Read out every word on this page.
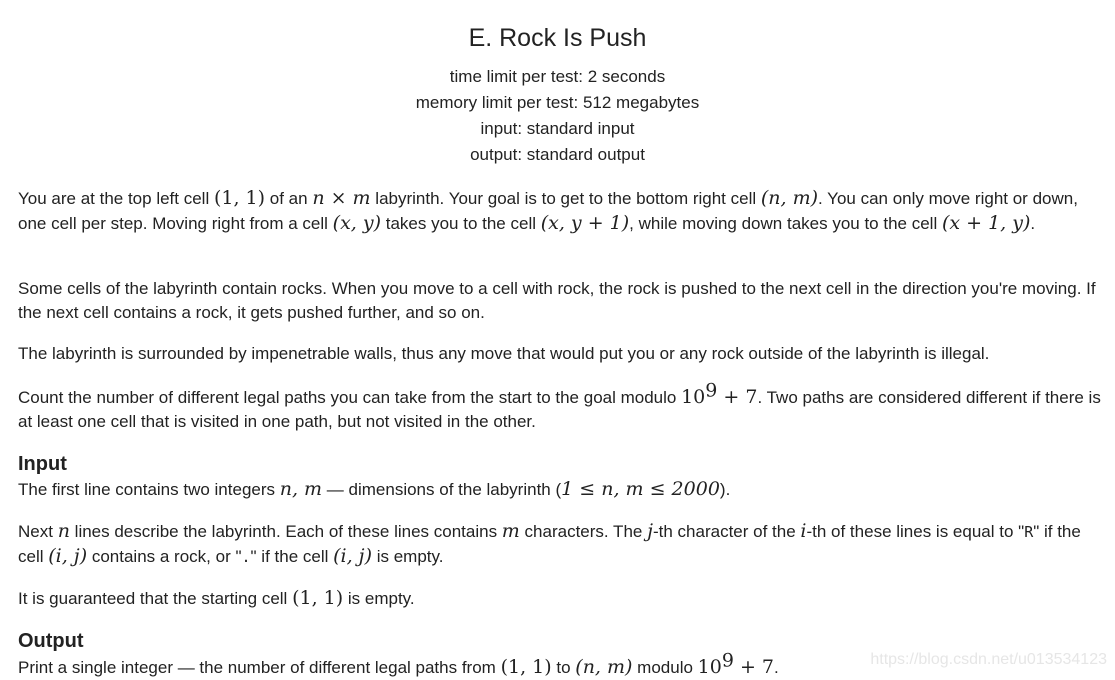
E. Rock Is Push
time limit per test: 2 seconds
memory limit per test: 512 megabytes
input: standard input
output: standard output

You are at the top left cell (1, 1) of an n × m labyrinth. Your goal is to get to the bottom right cell (n, m). You can only move right or down, one cell per step. Moving right from a cell (x, y) takes you to the cell (x, y + 1), while moving down takes you to the cell (x + 1, y).

Some cells of the labyrinth contain rocks. When you move to a cell with rock, the rock is pushed to the next cell in the direction you're moving. If the next cell contains a rock, it gets pushed further, and so on.

The labyrinth is surrounded by impenetrable walls, thus any move that would put you or any rock outside of the labyrinth is illegal.

Count the number of different legal paths you can take from the start to the goal modulo $10^9 + 7$. Two paths are considered different if there is at least one cell that is visited in one path, but not visited in the other.

Input

The first line contains two integers n, m — dimensions of the labyrinth (1 ≤ n, m ≤ 2000).

Next n lines describe the labyrinth. Each of these lines contains m characters. The j-th character of the i-th of these lines is equal to "R" if the cell (i, j) contains a rock, or "." if the cell (i, j) is empty.

It is guaranteed that the starting cell (1, 1) is empty.

Output

Print a single integer — the number of different legal paths from (1, 1) to (n, m) modulo $10^9 + 7$.	https://blog.csdn.net/u013534123
